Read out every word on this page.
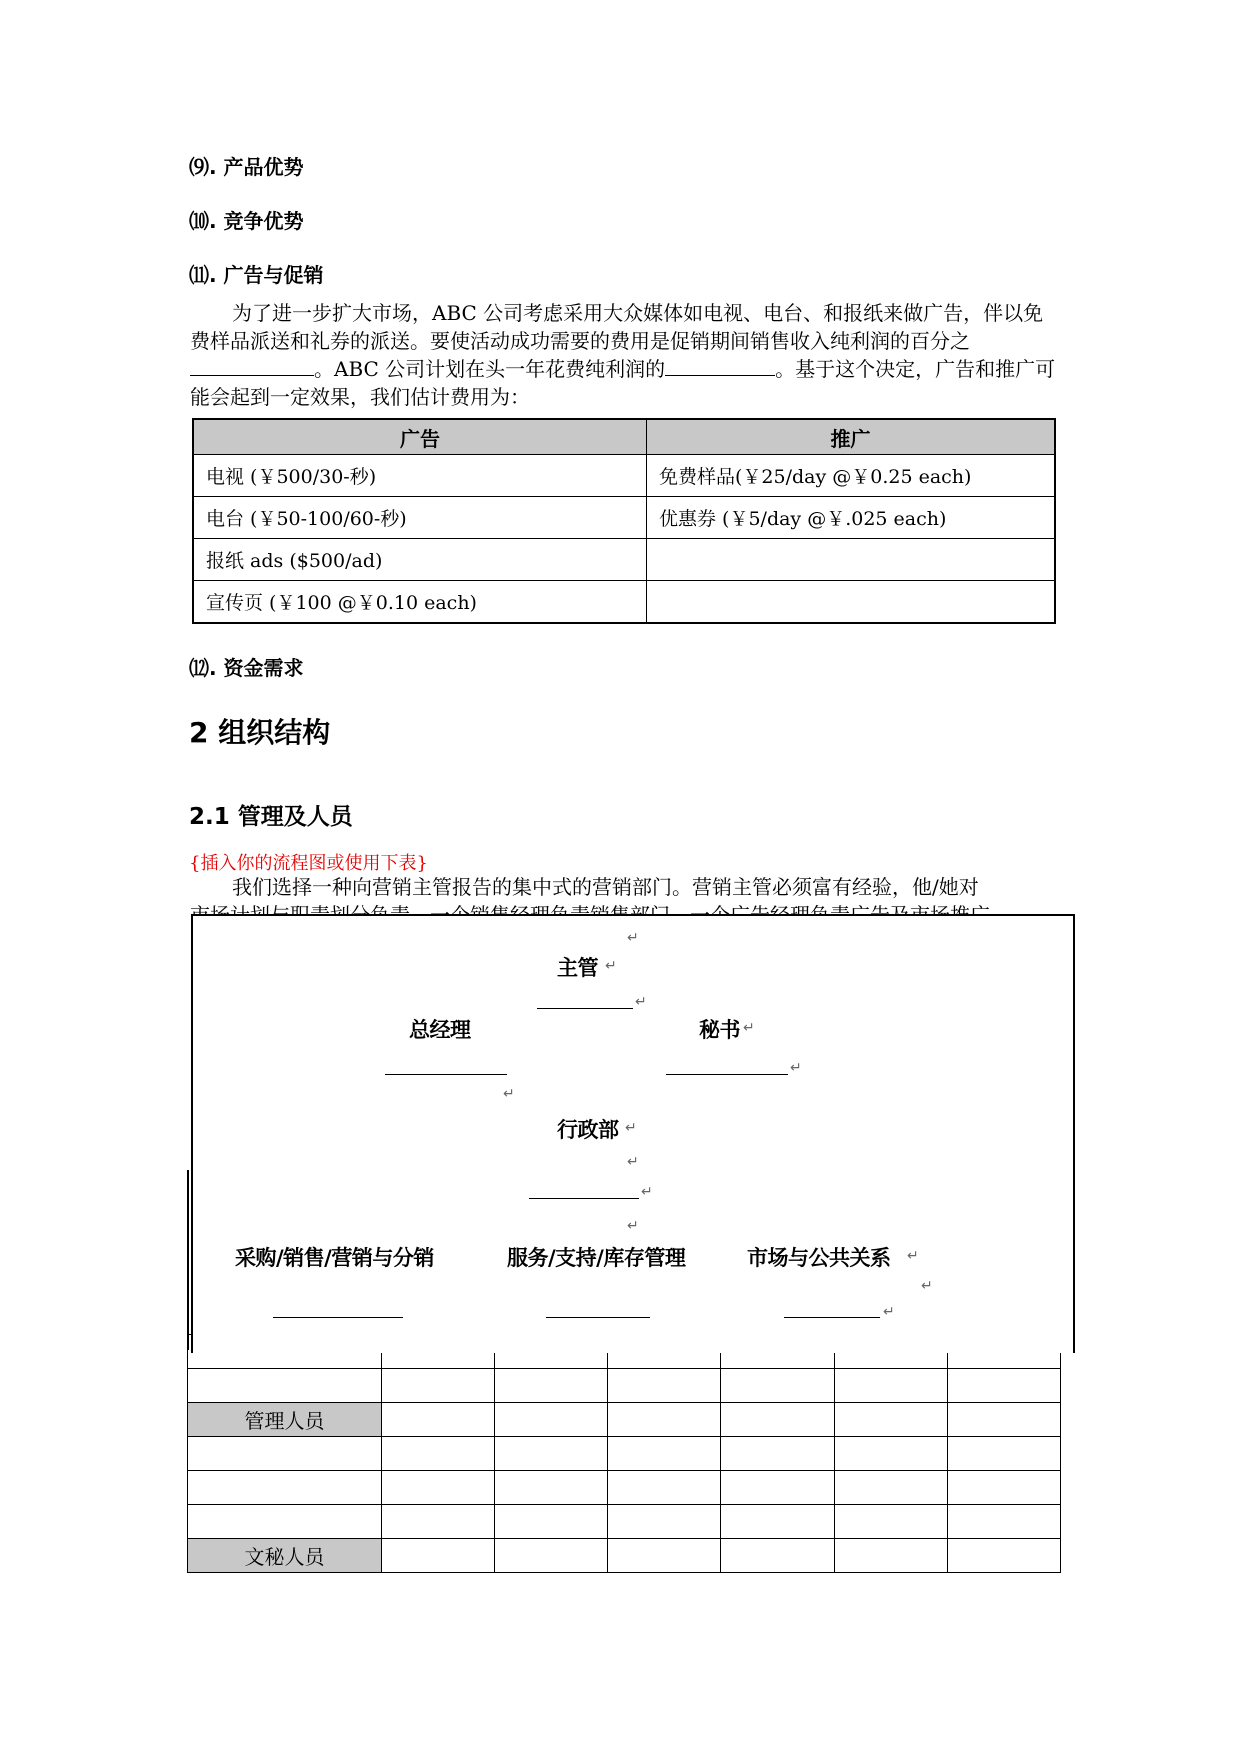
⑼. 产品优势
⑽. 竞争优势
⑾. 广告与促销
为了进一步扩大市场，ABC 公司考虑采用大众媒体如电视、电台、和报纸来做广告，伴以免费样品派送和礼券的派送。要使活动成功需要的费用是促销期间销售收入纯利润的百分之。ABC 公司计划在头一年花费纯利润的	。基于这个决定，广告和推广可能会起到一定效果，我们估计费用为：
广告	推广
电视 (￥500/30-秒)	免费样品(￥25/day @￥0.25 each)
电台 (￥50-100/60-秒)	优惠券 (￥5/day @￥.025 each)
报纸 ads ($500/ad)	
宣传页 (￥100 @￥0.10 each)	
⑿. 资金需求
2 组织结构
2.1 管理及人员
{插入你的流程图或使用下表}

我们选择一种向营销主管报告的集中式的营销部门。营销主管必须富有经验，他/她对

管理人员						

文秘人员						
↵
主管 ↵
↵
总经理	秘书 ↵
↵
↵
行政部 ↵
↵
↵
↵
采购/销售/营销与分销	服务/支持/库存管理	市场与公共关系 ↵
↵
↵
